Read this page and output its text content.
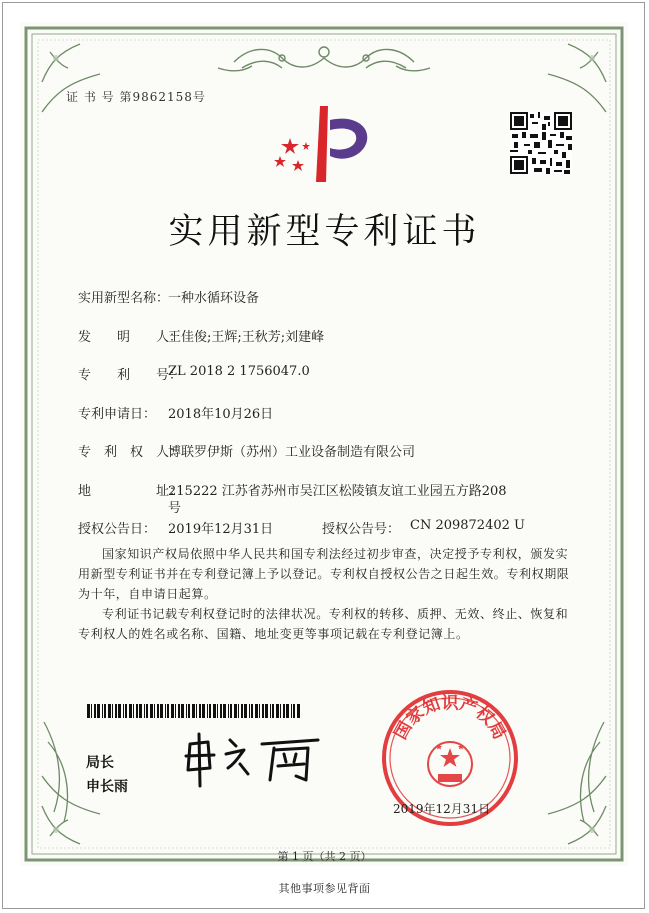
证 书 号 第9862158号
实用新型专利证书
实用新型名称：
一种水循环设备
发　　明　　人：
王佳俊;王辉;王秋芳;刘建峰
专　　利　　号：
ZL 2018 2 1756047.0
专利申请日： 2018年10月26日
专　利　权　人：
博联罗伊斯（苏州）工业设备制造有限公司
地　　　　　址：
215222 江苏省苏州市吴江区松陵镇友谊工业园五方路208
号
授权公告日： 2019年12月31日	授权公告号： CN 209872402 U
国家知识产权局依照中华人民共和国专利法经过初步审查，决定授予专利权，颁发实用新型专利证书并在专利登记簿上予以登记。专利权自授权公告之日起生效。专利权期限为十年，自申请日起算。
专利证书记载专利权登记时的法律状况。专利权的转移、质押、无效、终止、恢复和专利权人的姓名或名称、国籍、地址变更等事项记载在专利登记簿上。
局长
申长雨
国家知识产权局
2019年12月31日
第 1 页（共 2 页）
其他事项参见背面
